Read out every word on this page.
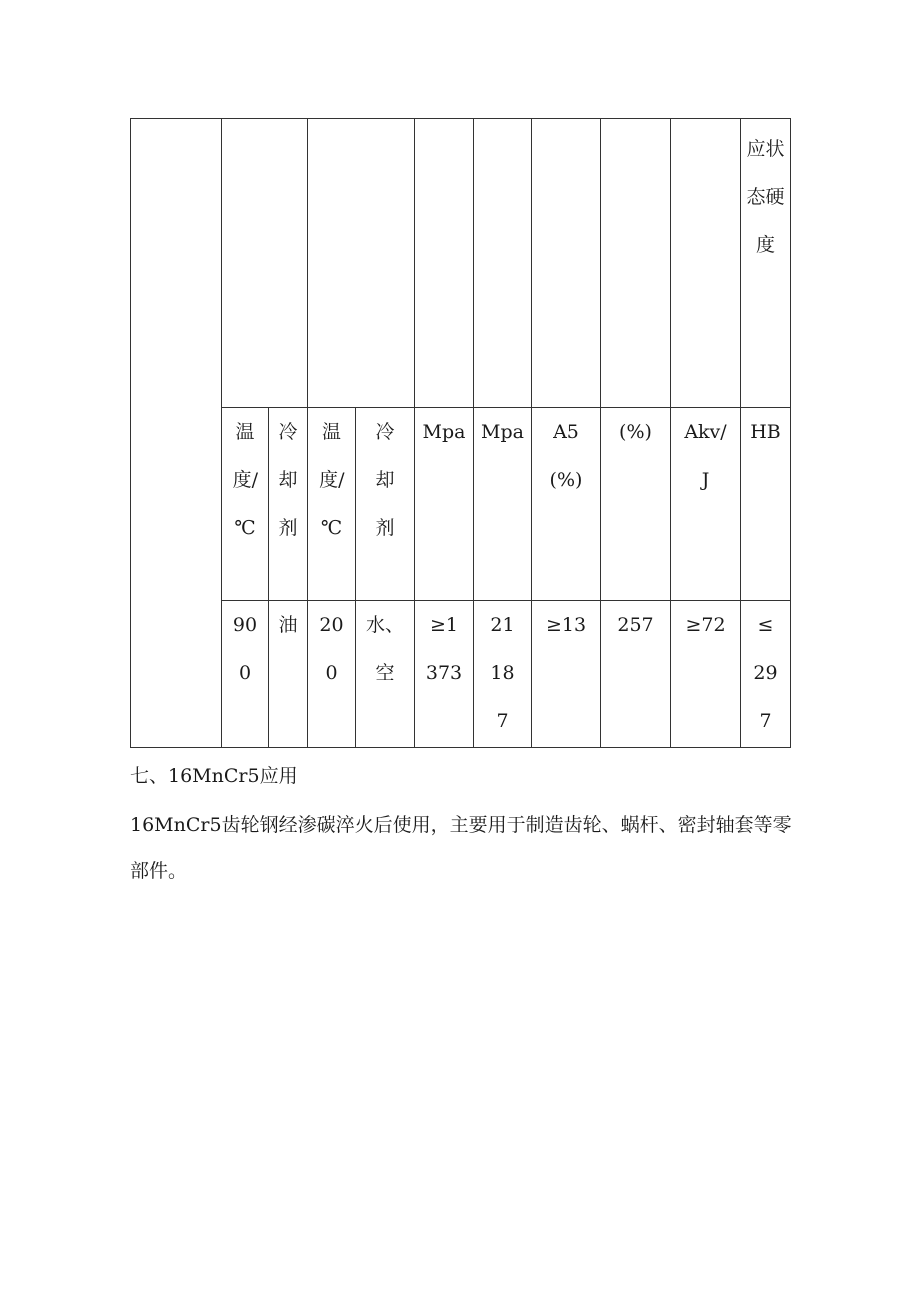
										应状态硬度

	温度/℃	冷却剂	温度/℃	冷却剂	Mpa	Mpa	A5(%)	(%)	Akv/J	HB

	900	油	200	水、空	≥1373	21187	≥13	257	≥72	≤297

七、16MnCr5应用

16MnCr5齿轮钢经渗碳淬火后使用，主要用于制造齿轮、蜗杆、密封轴套等零部件。
